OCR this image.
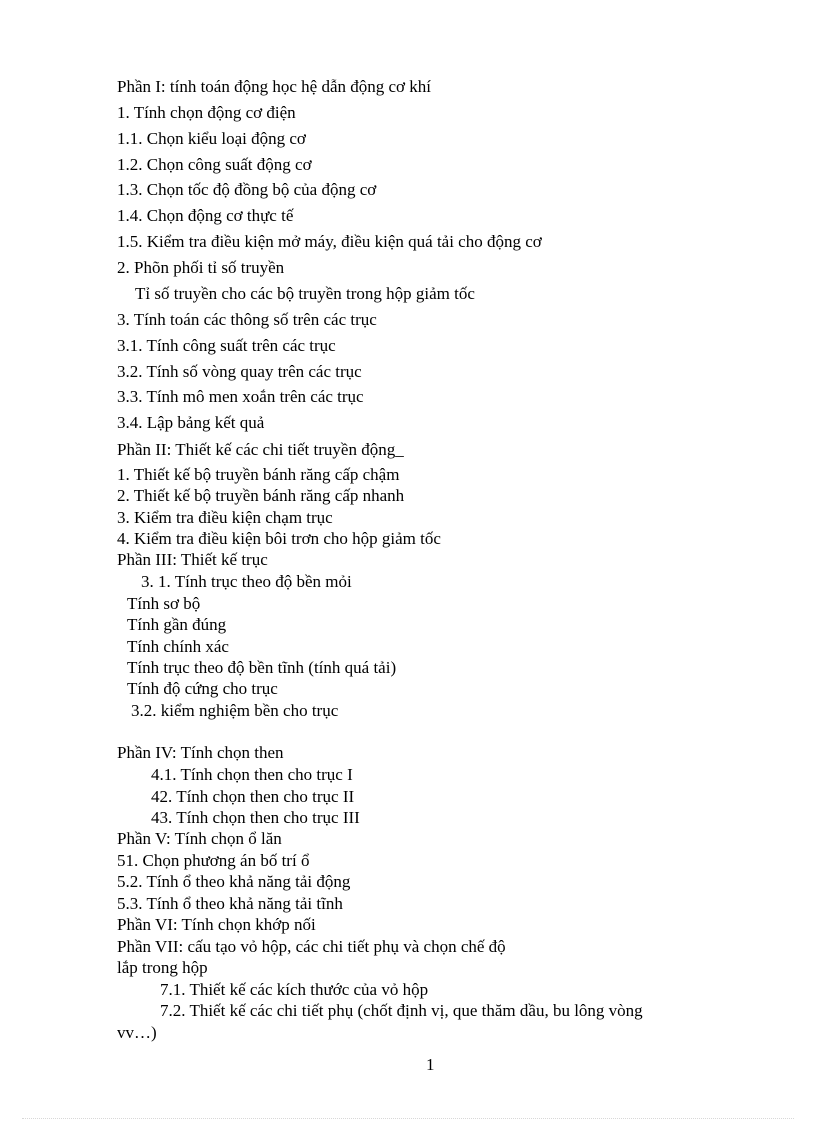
Phần I: tính toán động học hệ dẫn động cơ khí
1. Tính chọn động cơ điện
1.1. Chọn kiểu loại động cơ
1.2. Chọn công suất động cơ
1.3. Chọn tốc độ đồng bộ của động cơ
1.4. Chọn động cơ thực tế
1.5. Kiểm tra điều kiện mở máy, điều kiện quá tải cho động cơ
2. Phõn phối tỉ số truyền
Tỉ số truyền cho các bộ truyền trong hộp giảm tốc
3. Tính toán các thông số trên các trục
3.1. Tính công suất trên các trục
3.2. Tính số vòng quay trên các trục
3.3. Tính mô men xoắn trên các trục
3.4. Lập bảng kết quả
Phần II: Thiết kế các chi tiết truyền động_
1. Thiết kế bộ truyền bánh răng cấp chậm
2. Thiết kế bộ truyền bánh răng cấp nhanh
3. Kiểm tra điều kiện chạm trục
4. Kiểm tra điều kiện bôi trơn cho hộp giảm tốc
Phần III: Thiết kế trục
3. 1. Tính trục theo độ bền mỏi
Tính sơ bộ
Tính gần đúng
Tính chính xác
Tính trục theo độ bền tĩnh (tính quá tải)
Tính độ cứng cho trục
3.2. kiểm nghiệm bền cho trục
Phần IV: Tính chọn then
4.1. Tính chọn then cho trục I
42. Tính chọn then cho trục II
43. Tính chọn then cho trục III
Phần V: Tính chọn ổ lăn
51. Chọn phương án bố trí ổ
5.2. Tính ổ theo khả năng tải động
5.3. Tính ổ theo khả năng tải tĩnh
Phần VI: Tính chọn khớp nối
Phần VII: cấu tạo vỏ hộp, các chi tiết phụ và chọn chế độ
lắp trong hộp
7.1. Thiết kế các kích thước của vỏ hộp
7.2. Thiết kế các chi tiết phụ (chốt định vị, que thăm dầu, bu lông vòng
vv…)
1
